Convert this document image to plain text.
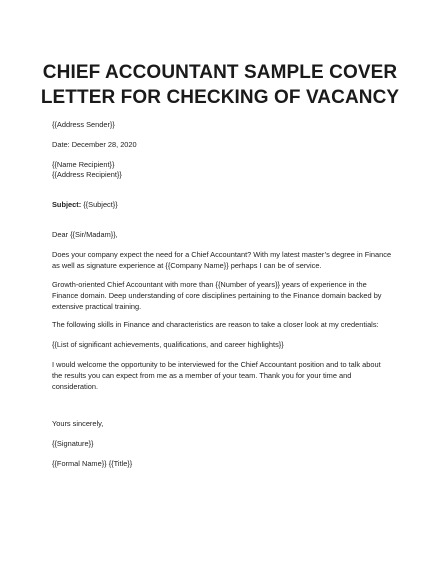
CHIEF ACCOUNTANT SAMPLE COVER
LETTER FOR CHECKING OF VACANCY
{{Address Sender}}
Date: December 28, 2020
{{Name Recipient}}
{{Address Recipient}}
Subject: {{Subject}}
Dear {{Sir/Madam}},
Does your company expect the need for a Chief Accountant? With my latest master’s degree in Finance
as well as signature experience at {{Company Name}} perhaps I can be of service.
Growth-oriented Chief Accountant with more than {{Number of years}} years of experience in the
Finance domain. Deep understanding of core disciplines pertaining to the Finance domain backed by
extensive practical training.
The following skills in Finance and characteristics are reason to take a closer look at my credentials:
{{List of significant achievements, qualifications, and career highlights}}
I would welcome the opportunity to be interviewed for the Chief Accountant position and to talk about
the results you can expect from me as a member of your team. Thank you for your time and
consideration.
Yours sincerely,
{{Signature}}
{{Formal Name}} {{Title}}
